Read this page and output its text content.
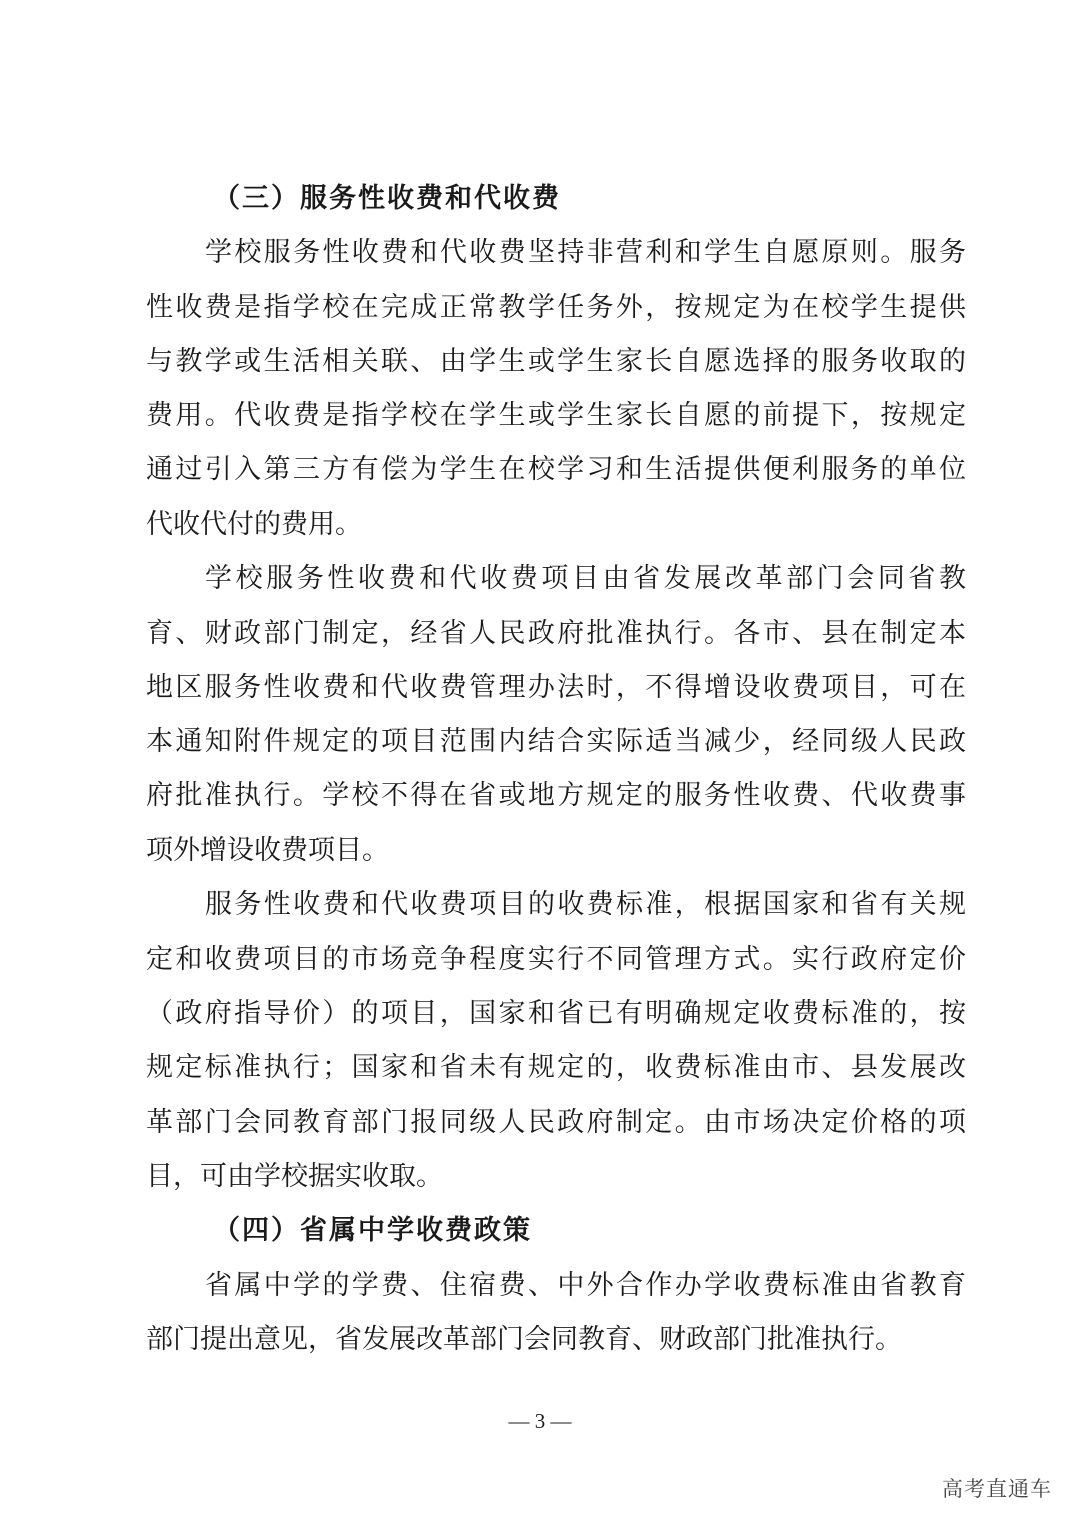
（三）服务性收费和代收费
学校服务性收费和代收费坚持非营利和学生自愿原则。服务
性收费是指学校在完成正常教学任务外，按规定为在校学生提供
与教学或生活相关联、由学生或学生家长自愿选择的服务收取的
费用。代收费是指学校在学生或学生家长自愿的前提下，按规定
通过引入第三方有偿为学生在校学习和生活提供便利服务的单位
代收代付的费用。
学校服务性收费和代收费项目由省发展改革部门会同省教
育、财政部门制定，经省人民政府批准执行。各市、县在制定本
地区服务性收费和代收费管理办法时，不得增设收费项目，可在
本通知附件规定的项目范围内结合实际适当减少，经同级人民政
府批准执行。学校不得在省或地方规定的服务性收费、代收费事
项外增设收费项目。
服务性收费和代收费项目的收费标准，根据国家和省有关规
定和收费项目的市场竞争程度实行不同管理方式。实行政府定价
（政府指导价）的项目，国家和省已有明确规定收费标准的，按
规定标准执行；国家和省未有规定的，收费标准由市、县发展改
革部门会同教育部门报同级人民政府制定。由市场决定价格的项
目，可由学校据实收取。
（四）省属中学收费政策
省属中学的学费、住宿费、中外合作办学收费标准由省教育
部门提出意见，省发展改革部门会同教育、财政部门批准执行。
— 3 —
高考直通车
